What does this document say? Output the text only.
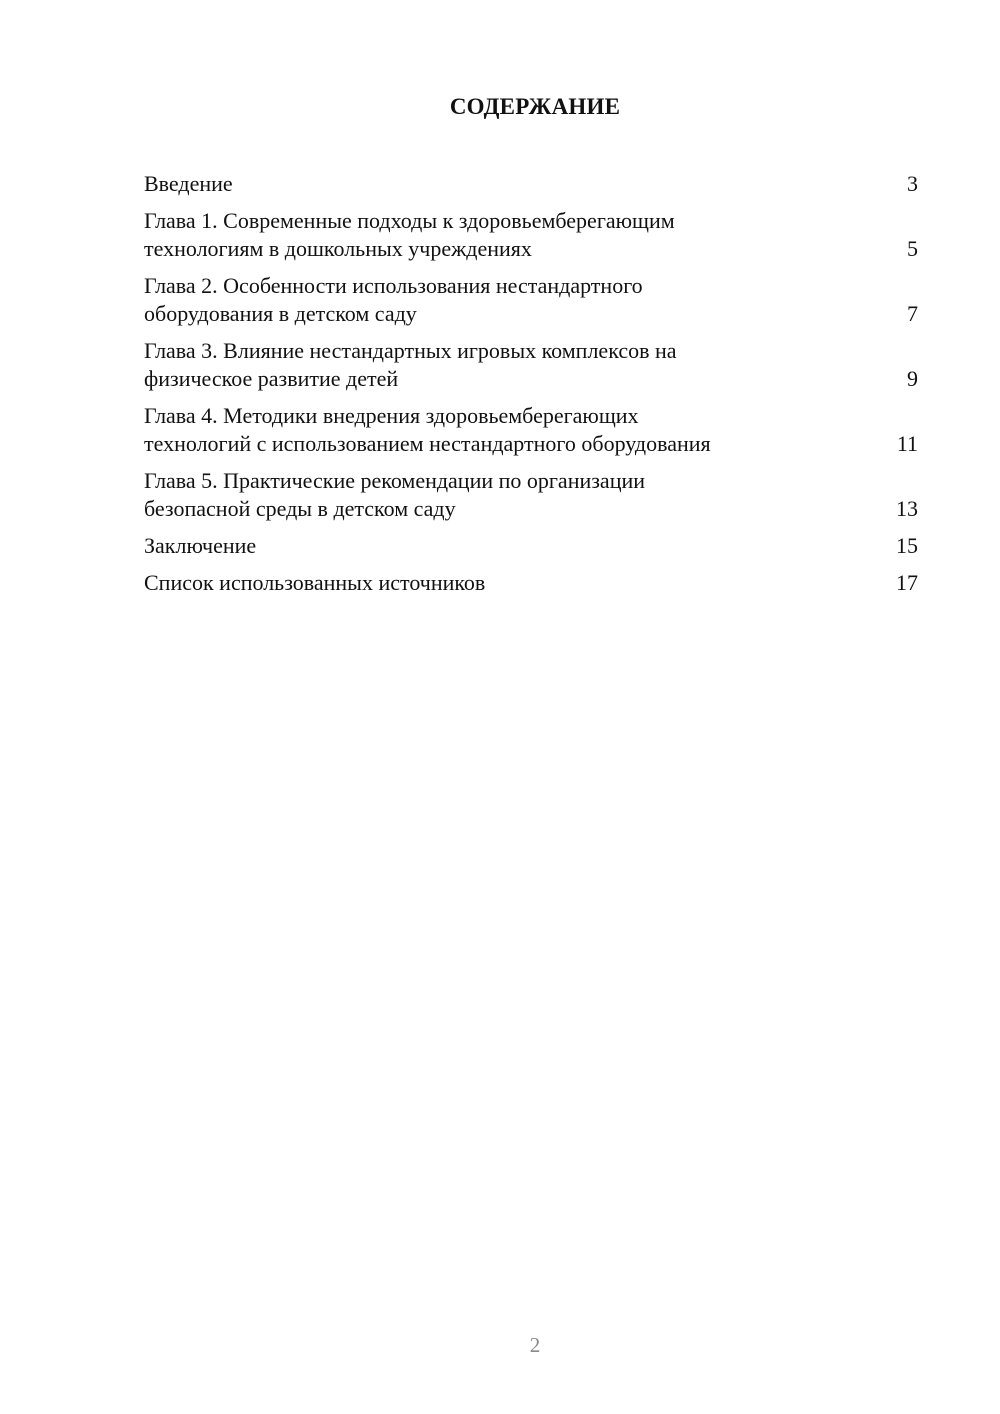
СОДЕРЖАНИЕ
Введение	3
Глава 1. Современные подходы к здоровьемберегающим
технологиям в дошкольных учреждениях	5
Глава 2. Особенности использования нестандартного
оборудования в детском саду	7
Глава 3. Влияние нестандартных игровых комплексов на
физическое развитие детей	9
Глава 4. Методики внедрения здоровьемберегающих
технологий с использованием нестандартного оборудования	11
Глава 5. Практические рекомендации по организации
безопасной среды в детском саду	13
Заключение	15
Список использованных источников	17
2
